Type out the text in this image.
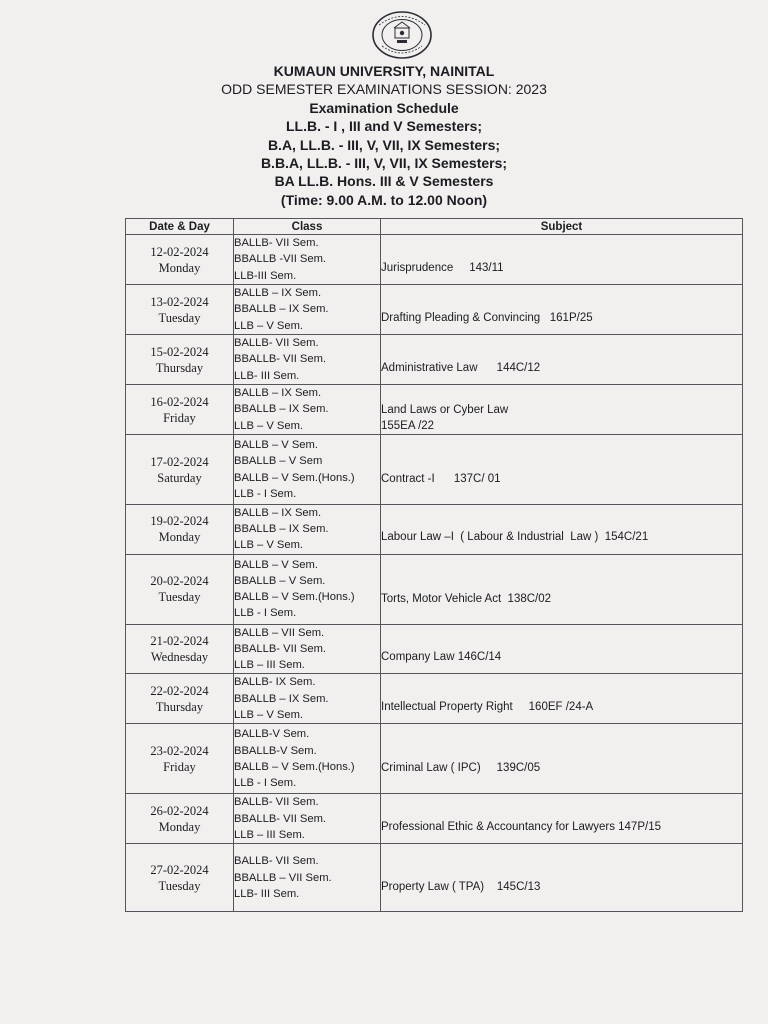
KUMAUN UNIVERSITY, NAINITAL
ODD SEMESTER EXAMINATIONS SESSION: 2023
Examination Schedule
LL.B. - I , III and V Semesters;
B.A, LL.B. - III, V, VII, IX Semesters;
B.B.A, LL.B. - III, V, VII, IX Semesters;
BA LL.B. Hons. III & V Semesters
(Time: 9.00 A.M. to 12.00 Noon)
Date & Day	Class	Subject

12-02-2024
Monday	BALLB- VII Sem.
BBALLB -VII Sem.
LLB-III Sem.	Jurisprudence     143/11

13-02-2024
Tuesday	BALLB – IX Sem.
BBALLB – IX Sem.
LLB – V Sem.	Drafting Pleading & Convincing   161P/25

15-02-2024
Thursday	BALLB- VII Sem.
BBALLB- VII Sem.
LLB- III Sem.	Administrative Law      144C/12

16-02-2024
Friday	BALLB – IX Sem.
BBALLB – IX Sem.
LLB – V Sem.	Land Laws or Cyber Law
155EA /22

17-02-2024
Saturday	BALLB – V Sem.
BBALLB – V Sem
BALLB – V Sem.(Hons.)
LLB - I Sem.	Contract -I      137C/ 01

19-02-2024
Monday	BALLB – IX Sem.
BBALLB – IX Sem.
LLB – V Sem.	Labour Law –I  ( Labour & Industrial  Law )  154C/21

20-02-2024
Tuesday	BALLB – V Sem.
BBALLB – V Sem.
BALLB – V Sem.(Hons.)
LLB - I Sem.	Torts, Motor Vehicle Act  138C/02

21-02-2024
Wednesday	BALLB – VII Sem.
BBALLB- VII Sem.
LLB – III Sem.	Company Law 146C/14

22-02-2024
Thursday	BALLB- IX Sem.
BBALLB – IX Sem.
LLB – V Sem.	Intellectual Property Right     160EF /24-A

23-02-2024
Friday	BALLB-V Sem.
BBALLB-V Sem.
BALLB – V Sem.(Hons.)
LLB - I Sem.	Criminal Law ( IPC)     139C/05

26-02-2024
Monday	BALLB- VII Sem.
BBALLB- VII Sem.
LLB – III Sem.	Professional Ethic & Accountancy for Lawyers 147P/15

27-02-2024
Tuesday	BALLB- VII Sem.
BBALLB – VII Sem.
LLB- III Sem.	Property Law ( TPA)    145C/13
